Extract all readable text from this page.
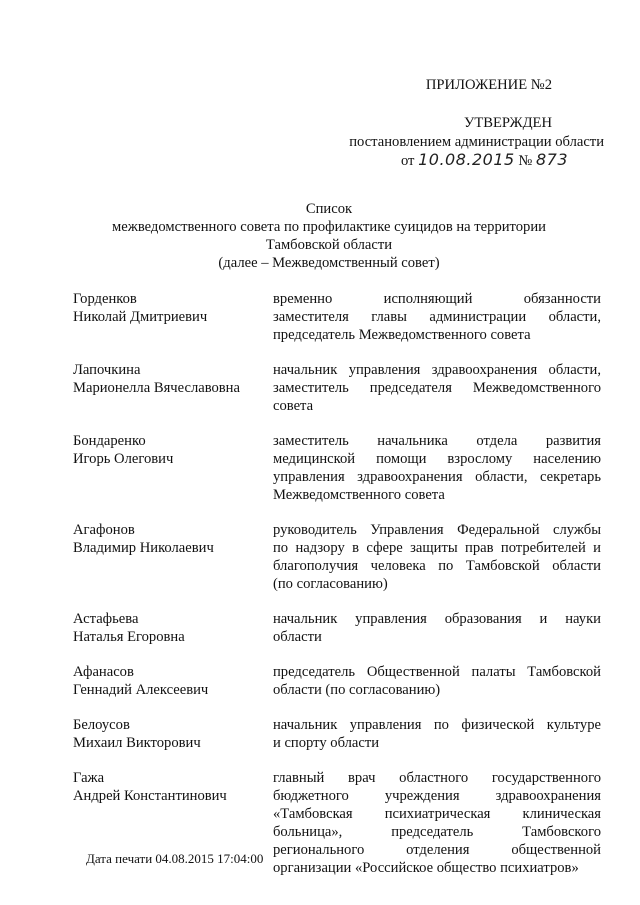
ПРИЛОЖЕНИЕ №2
УТВЕРЖДЕН
постановлением администрации области
от 10.08.2015 № 873
Список
межведомственного совета по профилактике суицидов на территории
Тамбовской области
(далее – Межведомственный совет)
Горденков
Николай Дмитриевич
временно исполняющий обязанности
заместителя главы администрации области,
председатель Межведомственного совета
Лапочкина
Марионелла Вячеславовна
начальник управления здравоохранения области,
заместитель председателя Межведомственного
совета
Бондаренко
Игорь Олегович
заместитель начальника отдела развития
медицинской помощи взрослому населению
управления здравоохранения области, секретарь
Межведомственного совета
Агафонов
Владимир Николаевич
руководитель Управления Федеральной службы
по надзору в сфере защиты прав потребителей и
благополучия человека по Тамбовской области
(по согласованию)
Астафьева
Наталья Егоровна
начальник управления образования и науки
области
Афанасов
Геннадий Алексеевич
председатель Общественной палаты Тамбовской
области (по согласованию)
Белоусов
Михаил Викторович
начальник управления по физической культуре
и спорту области
Гажа
Андрей Константинович
главный врач областного государственного
бюджетного учреждения здравоохранения
«Тамбовская психиатрическая клиническая
больница», председатель Тамбовского
регионального отделения общественной
организации «Российское общество психиатров»
Дата печати 04.08.2015 17:04:00
